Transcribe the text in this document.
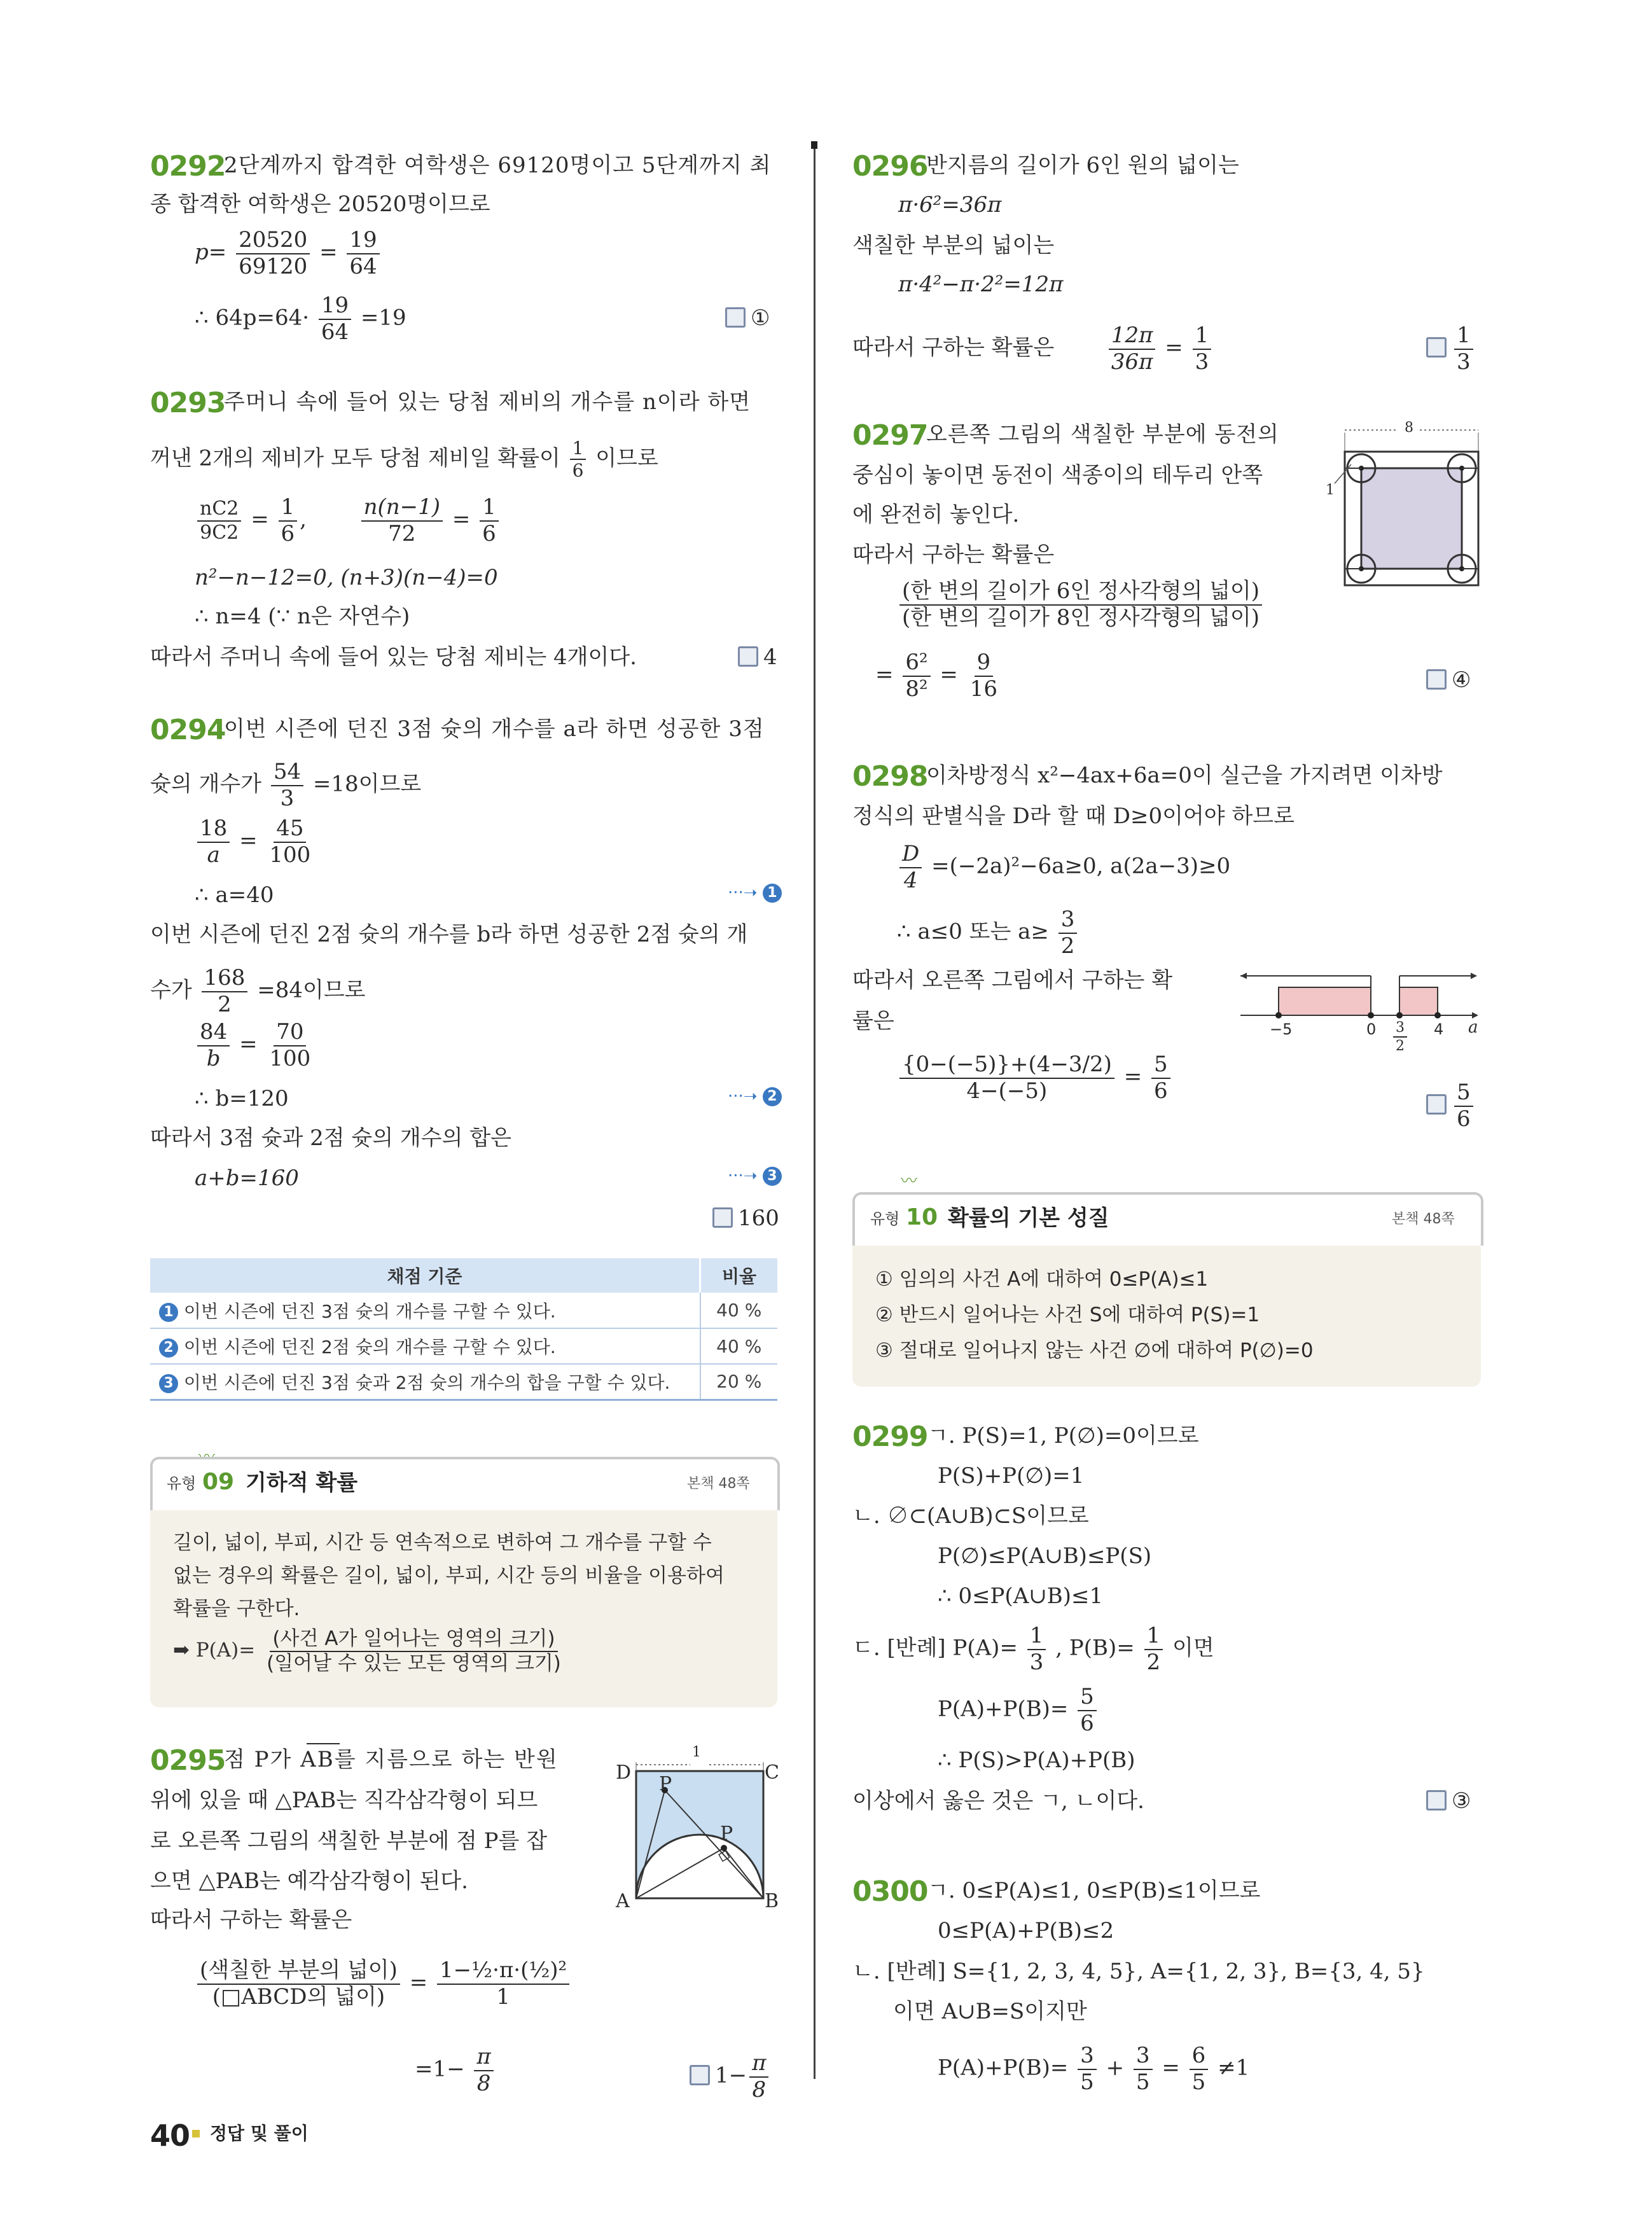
0292
2단계까지 합격한 여학생은 69120명이고 5단계까지 최
종 합격한 여학생은 20520명이므로
$p= \frac{20520}{69120} = \frac{19}{64}$
∴ $64p=64\cdot \frac{19}{64} =19$	①
0293
주머니 속에 들어 있는 당첨 제비의 개수를 n이라 하면
꺼낸 2개의 제비가 모두 당첨 제비일 확률이 $\frac{1}{6}$ 이므로
$\frac{nC2}{9C2} = \frac{1}{6}$ , $\frac{n(n-1)}{72} = \frac{1}{6}$
n²−n−12=0, (n+3)(n−4)=0
∴ n=4 (∵ n은 자연수)
따라서 주머니 속에 들어 있는 당첨 제비는 4개이다.	4
0294
이번 시즌에 던진 3점 슛의 개수를 a라 하면 성공한 3점
슛의 개수가 $\frac{54}{3} =18$이므로
$\frac{18}{a} = \frac{45}{100}$
∴ a=40	···➝ 1
이번 시즌에 던진 2점 슛의 개수를 b라 하면 성공한 2점 슛의 개
수가 $\frac{168}{2} =84$이므로
$\frac{84}{b} = \frac{70}{100}$
∴ b=120	···➝ 2
따라서 3점 슛과 2점 슛의 개수의 합은
a+b=160	···➝ 3
160
채점 기준	비율
1 이번 시즌에 던진 3점 슛의 개수를 구할 수 있다.	40 %
2 이번 시즌에 던진 2점 슛의 개수를 구할 수 있다.	40 %
3 이번 시즌에 던진 3점 슛과 2점 슛의 개수의 합을 구할 수 있다.	20 %
유형 09 기하적 확률	본책 48쪽
길이, 넓이, 부피, 시간 등 연속적으로 변하여 그 개수를 구할 수
없는 경우의 확률은 길이, 넓이, 부피, 시간 등의 비율을 이용하여
확률을 구한다.
➡ $P(A)= \frac{\text{(사건 A가 일어나는 영역의 크기)}}{\text{(일어날 수 있는 모든 영역의 크기)}}$
0295
점 P가 AB를 지름으로 하는 반원
위에 있을 때 △PAB는 직각삼각형이 되므
로 오른쪽 그림의 색칠한 부분에 점 P를 잡
으면 △PAB는 예각삼각형이 된다.
따라서 구하는 확률은
1
D	C
P
P
A	B
$\frac{\text{(색칠한 부분의 넓이)}}{\text{(□ABCD의 넓이)}} = \frac{\text{1−½·π·(½)²}}{1}$
$=1- \frac{\pi}{8}$	$1- \frac{\pi}{8}$
0296
반지름의 길이가 6인 원의 넓이는
π·6²=36π
색칠한 부분의 넓이는
π·4²−π·2²=12π
따라서 구하는 확률은	$\frac{12\pi}{36\pi} = \frac{1}{3}$	$\frac{1}{3}$
0297
오른쪽 그림의 색칠한 부분에 동전의
중심이 놓이면 동전이 색종이의 테두리 안쪽
에 완전히 놓인다.
따라서 구하는 확률은
8
1
$\frac{\text{(한 변의 길이가 6인 정사각형의 넓이)}}{\text{(한 변의 길이가 8인 정사각형의 넓이)}}$
= $\frac{\text{6²}}{\text{8²}} = \frac{9}{16}$	④
0298
이차방정식 x²−4ax+6a=0이 실근을 가지려면 이차방
정식의 판별식을 D라 할 때 D≥0이어야 하므로
$\frac{D}{4} =(-2a)^2-6a\ge 0$, a(2a−3)≥0
∴ a≤0 또는 $a\ge \frac{3}{2}$
따라서 오른쪽 그림에서 구하는 확
률은	−5	$0 \frac{3}{2} 4$ a
$\frac{\{0-(-5)\}+(4-3/2)}{4-(-5)} = \frac{5}{6}$
$\frac{5}{6}$
〰
유형 10 확률의 기본 성질	본책 48쪽
① 임의의 사건 A에 대하여 0≤P(A)≤1
② 반드시 일어나는 사건 S에 대하여 P(S)=1
③ 절대로 일어나지 않는 사건 ∅에 대하여 P(∅)=0
0299 ㄱ. P(S)=1, P(∅)=0이므로
P(S)+P(∅)=1
ㄴ. ∅⊂(A∪B)⊂S이므로
P(∅)≤P(A∪B)≤P(S)
∴ 0≤P(A∪B)≤1
ㄷ. [반례] $P(A)= \frac{1}{3}$ , $P(B)= \frac{1}{2}$ 이면
$P(A)+P(B)= \frac{5}{6}$
∴ P(S)>P(A)+P(B)
이상에서 옳은 것은 ㄱ, ㄴ이다.	③
0300 ㄱ. 0≤P(A)≤1, 0≤P(B)≤1이므로
0≤P(A)+P(B)≤2
ㄴ. [반례] S={1, 2, 3, 4, 5}, A={1, 2, 3}, B={3, 4, 5}
이면 A∪B=S이지만
$P(A)+P(B)= \frac{3}{5} + \frac{3}{5} = \frac{6}{5} \ne 1$
40 정답 및 풀이
